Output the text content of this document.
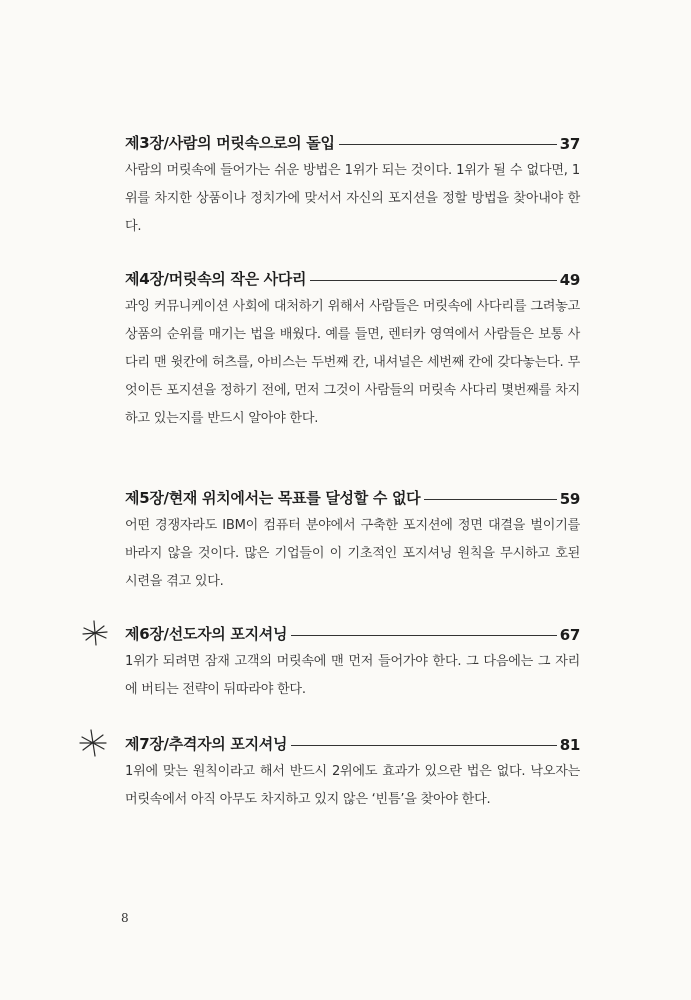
제3장/사람의 머릿속으로의 돌입	37
사람의 머릿속에 들어가는 쉬운 방법은 1위가 되는 것이다. 1위가 될 수 없다면, 1위를 차지한 상품이나 정치가에 맞서서 자신의 포지션을 정할 방법을 찾아내야 한다.
제4장/머릿속의 작은 사다리	49
과잉 커뮤니케이션 사회에 대처하기 위해서 사람들은 머릿속에 사다리를 그려놓고 상품의 순위를 매기는 법을 배웠다. 예를 들면, 렌터카 영역에서 사람들은 보통 사다리 맨 윗칸에 허츠를, 아비스는 두번째 칸, 내셔널은 세번째 칸에 갖다놓는다. 무엇이든 포지션을 정하기 전에, 먼저 그것이 사람들의 머릿속 사다리 몇번째를 차지하고 있는지를 반드시 알아야 한다.
제5장/현재 위치에서는 목표를 달성할 수 없다	59
어떤 경쟁자라도 IBM이 컴퓨터 분야에서 구축한 포지션에 정면 대결을 벌이기를 바라지 않을 것이다. 많은 기업들이 이 기초적인 포지셔닝 원칙을 무시하고 호된 시련을 겪고 있다.
제6장/선도자의 포지셔닝	67
1위가 되려면 잠재 고객의 머릿속에 맨 먼저 들어가야 한다. 그 다음에는 그 자리에 버티는 전략이 뒤따라야 한다.
제7장/추격자의 포지셔닝	81
1위에 맞는 원칙이라고 해서 반드시 2위에도 효과가 있으란 법은 없다. 낙오자는 머릿속에서 아직 아무도 차지하고 있지 않은 ‘빈틈’을 찾아야 한다.
8
